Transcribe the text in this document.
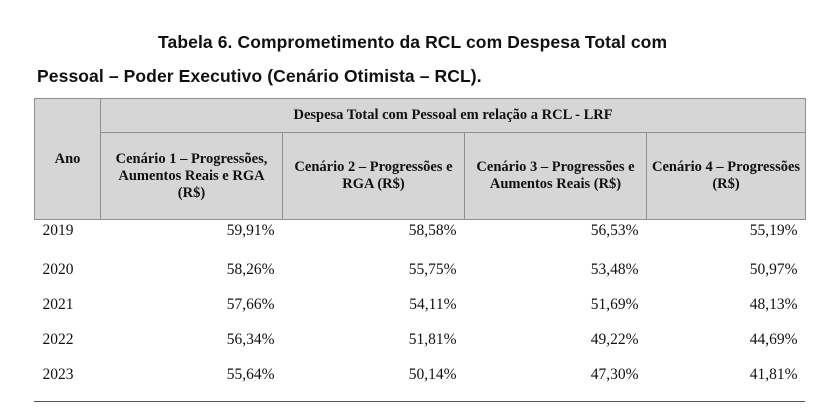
Tabela 6. Comprometimento da RCL com Despesa Total com
Pessoal – Poder Executivo (Cenário Otimista – RCL).
Ano	Despesa Total com Pessoal em relação a RCL - LRF			
	Cenário 1 – Progressões, Aumentos Reais e RGA (R$)	Cenário 2 – Progressões e RGA (R$)	Cenário 3 – Progressões e Aumentos Reais (R$)	Cenário 4 – Progressões (R$)
2019	59,91%	58,58%	56,53%	55,19%
2020	58,26%	55,75%	53,48%	50,97%
2021	57,66%	54,11%	51,69%	48,13%
2022	56,34%	51,81%	49,22%	44,69%
2023	55,64%	50,14%	47,30%	41,81%
